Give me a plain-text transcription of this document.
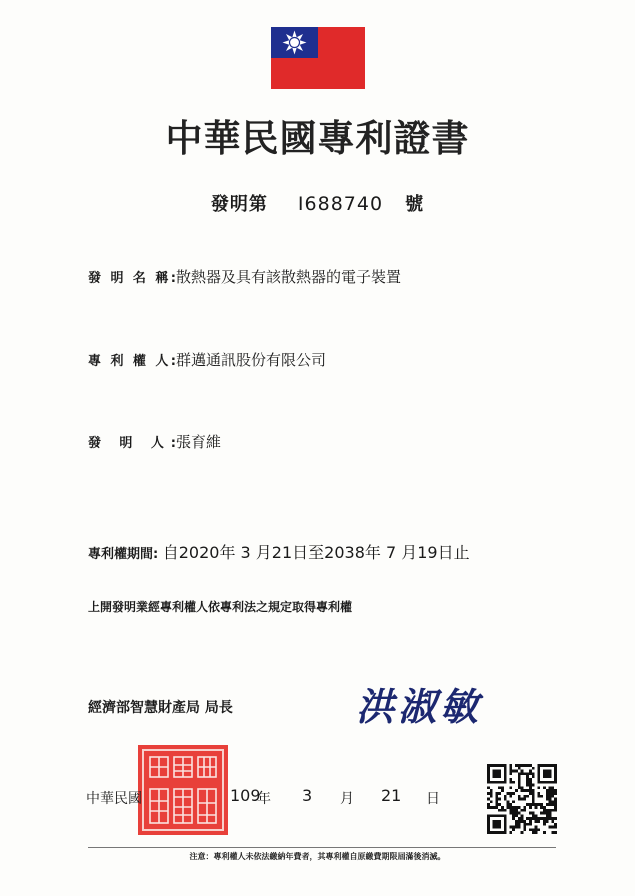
中華民國專利證書
發明第 I688740 號
發 明 名 稱:散熱器及具有該散熱器的電子裝置
專 利 權 人:群邁通訊股份有限公司
發 明 人:張育維
專利權期間: 自2020年 3 月21日至2038年 7 月19日止
上開發明業經專利權人依專利法之規定取得專利權
經濟部智慧財產局 局長	洪淑敏
中華民國	109
年 3 月 21 日
注意：專利權人未依法繳納年費者，其專利權自原繳費期限屆滿後消滅。
